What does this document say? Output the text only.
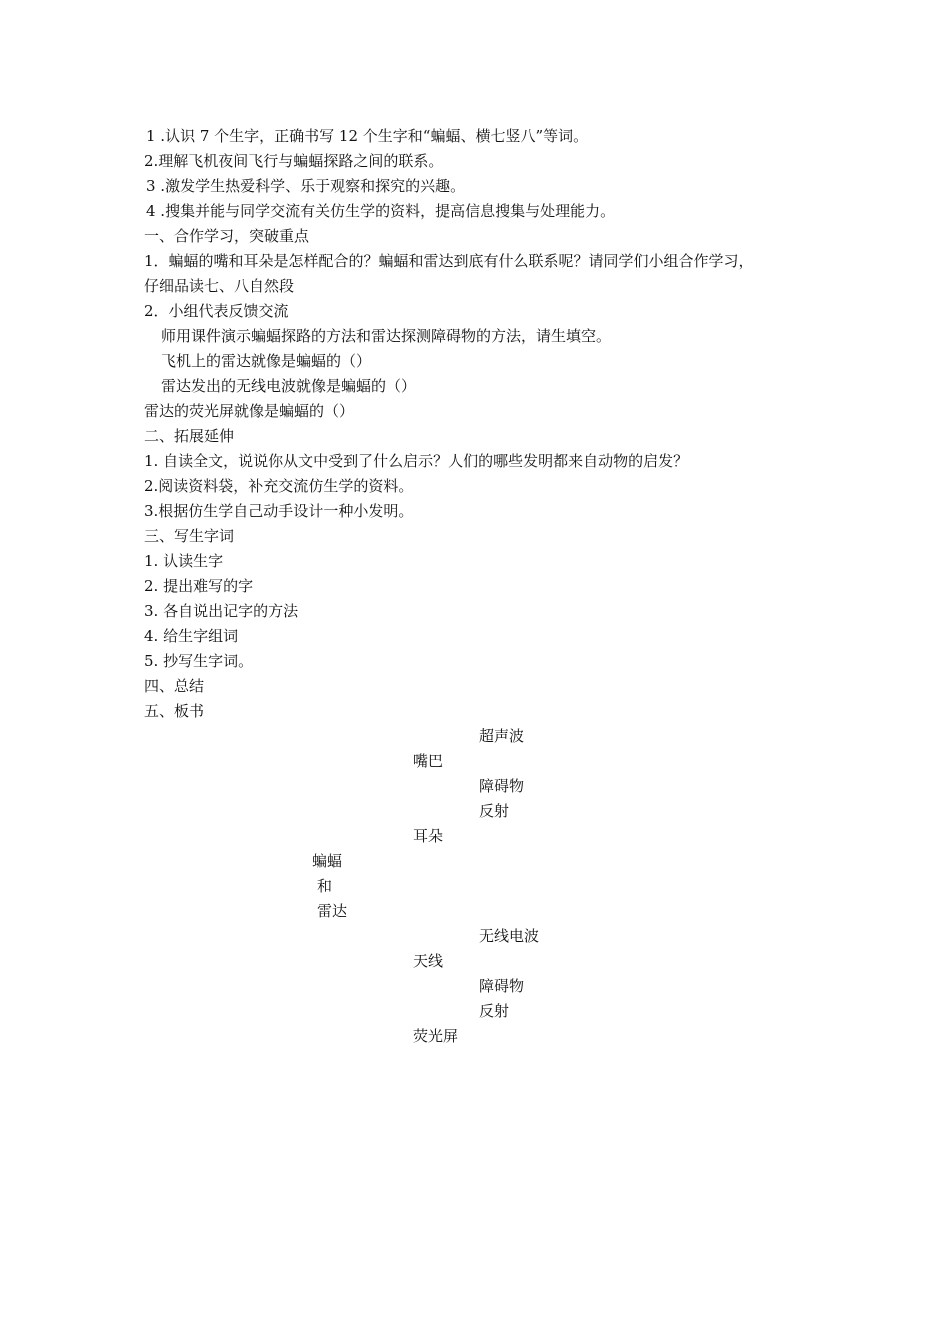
1 .认识 7 个生字，正确书写 12 个生字和“蝙蝠、横七竖八”等词。
2.理解飞机夜间飞行与蝙蝠探路之间的联系。
3 .激发学生热爱科学、乐于观察和探究的兴趣。
4 .搜集并能与同学交流有关仿生学的资料，提高信息搜集与处理能力。
一、合作学习，突破重点
1．蝙蝠的嘴和耳朵是怎样配合的？蝙蝠和雷达到底有什么联系呢？请同学们小组合作学习，
仔细品读七、八自然段
2．小组代表反馈交流
师用课件演示蝙蝠探路的方法和雷达探测障碍物的方法，请生填空。
飞机上的雷达就像是蝙蝠的（）
雷达发出的无线电波就像是蝙蝠的（）
雷达的荧光屏就像是蝙蝠的（）
二、拓展延伸
1. 自读全文，说说你从文中受到了什么启示？人们的哪些发明都来自动物的启发？
2.阅读资料袋，补充交流仿生学的资料。
3.根据仿生学自己动手设计一种小发明。
三、写生字词
1. 认读生字
2. 提出难写的字
3. 各自说出记字的方法
4. 给生字组词
5. 抄写生字词。
四、总结
五、板书
超声波
嘴巴
障碍物
反射
耳朵
蝙蝠
和
雷达
无线电波
天线
障碍物
反射
荧光屏
